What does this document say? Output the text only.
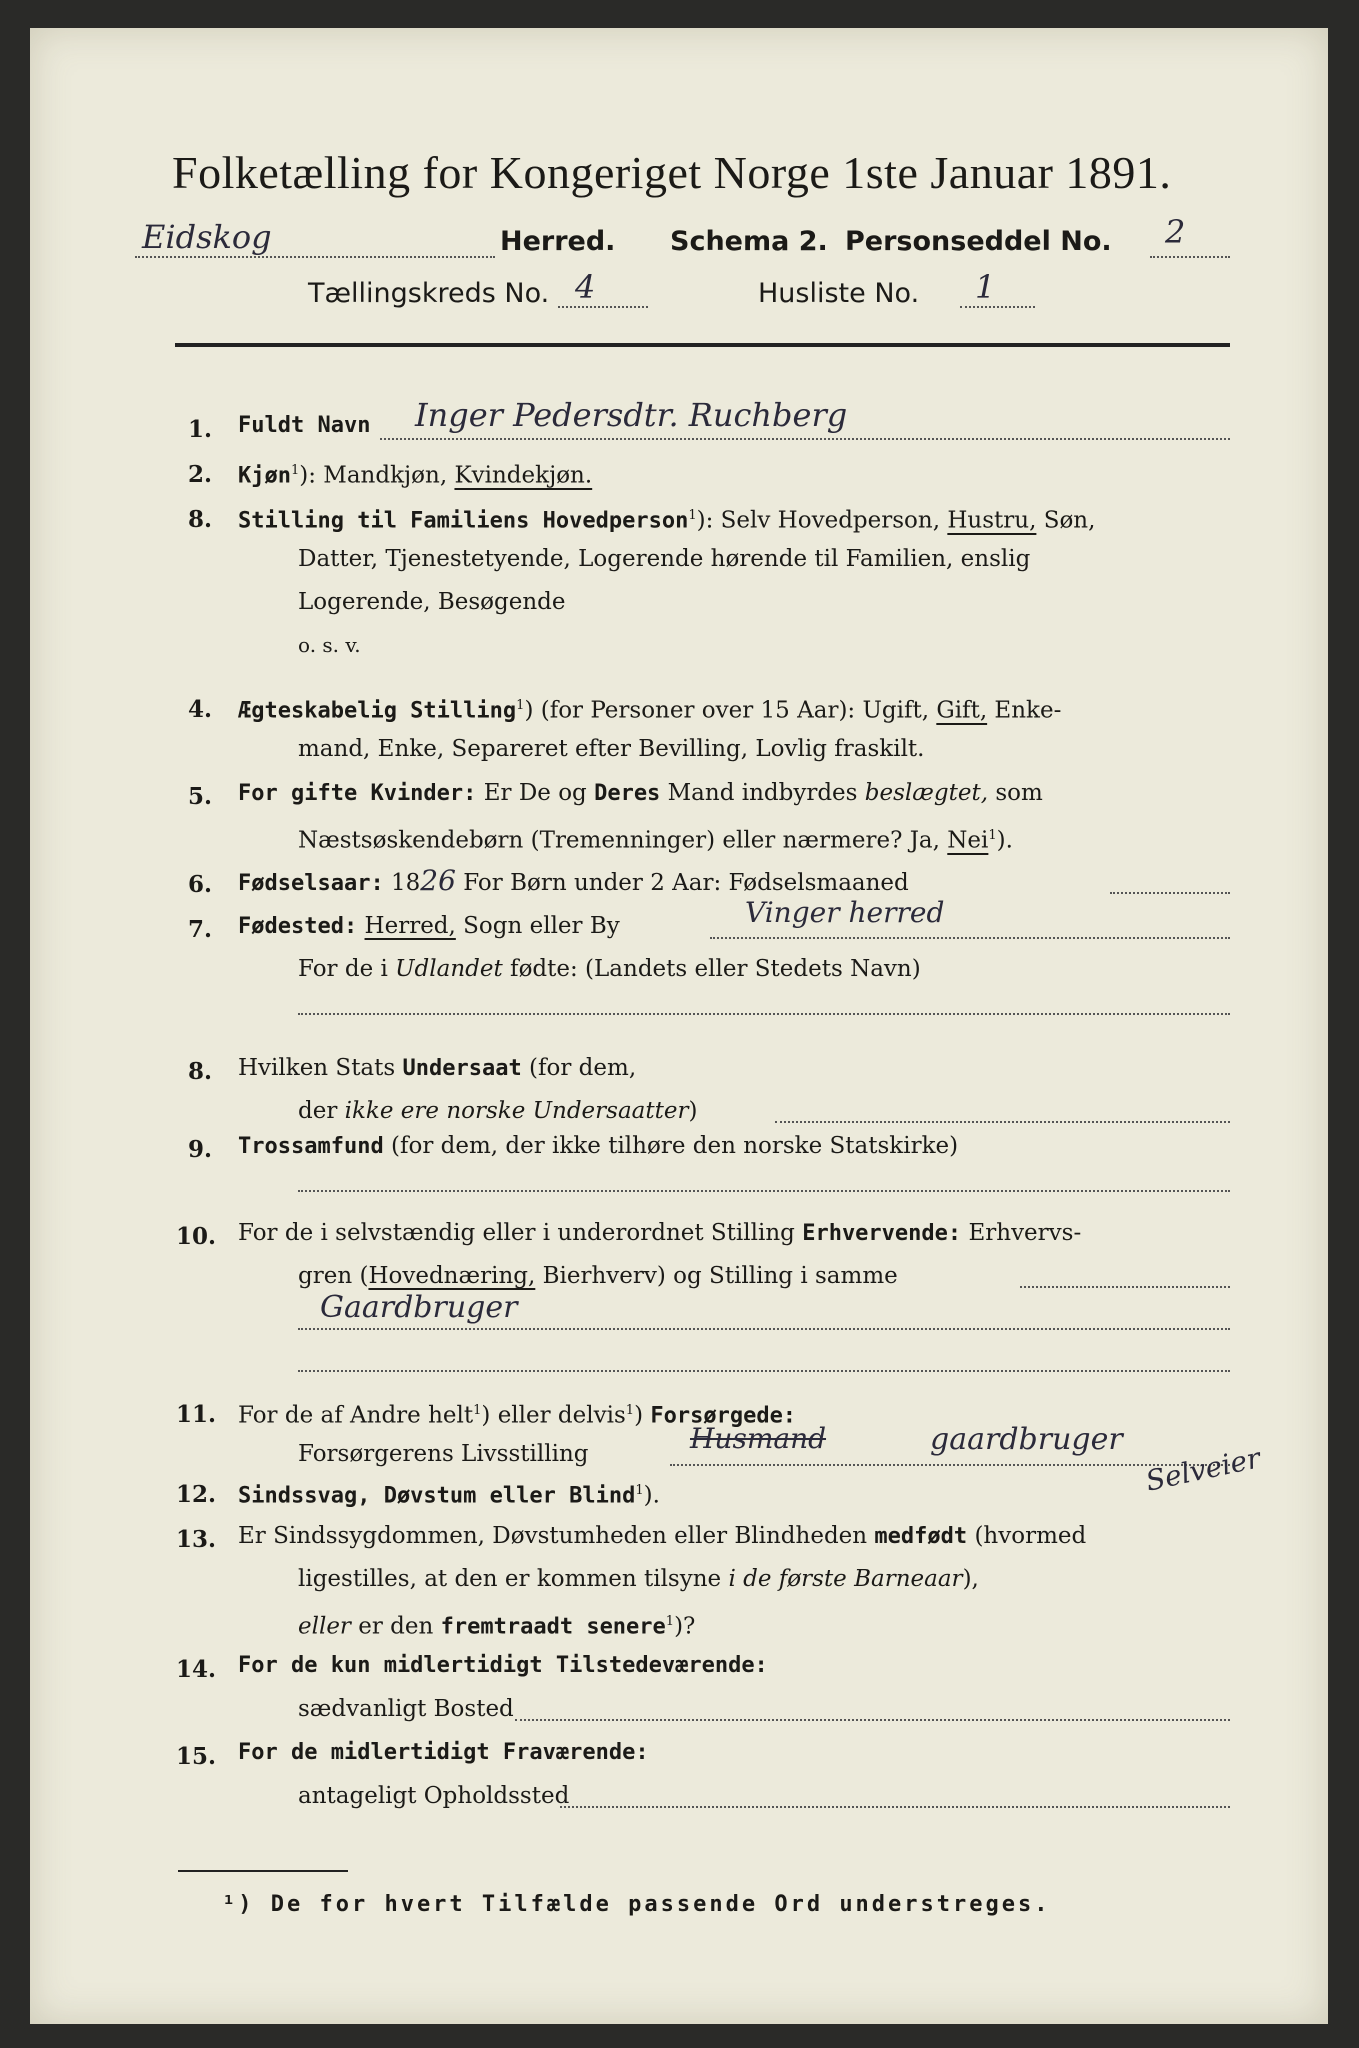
Folketælling for Kongeriget Norge 1ste Januar 1891.
Eidskog	Herred. Schema 2. Personseddel No. 2
Tællingskreds No. 4	Husliste No. 1
1. Fuldt Navn Inger Pedersdtr. Ruchberg
2. Kjøn$^1$): Mandkjøn, Kvindekjøn.
8. Stilling til Familiens Hovedperson$^1$): Selv Hovedperson, Hustru, Søn,
Datter, Tjenestetyende, Logerende hørende til Familien, enslig
Logerende, Besøgende
o. s. v.
4. Ægteskabelig Stilling$^1$) (for Personer over 15 Aar): Ugift, Gift, Enke-
mand, Enke, Separeret efter Bevilling, Lovlig fraskilt.
5. For gifte Kvinder: Er De og Deres Mand indbyrdes beslægtet, som
Næstsøskendebørn (Tremenninger) eller nærmere? Ja, Nei$^1$).
6. Fødselsaar: 1826 For Børn under 2 Aar: Fødselsmaaned
7. Fødested: Herred, Sogn eller By	Vinger herred
For de i Udlandet fødte: (Landets eller Stedets Navn)
8. Hvilken Stats Undersaat (for dem,
der ikke ere norske Undersaatter)
9. Trossamfund (for dem, der ikke tilhøre den norske Statskirke)
10. For de i selvstændig eller i underordnet Stilling Erhvervende: Erhvervs-
gren (Hovednæring, Bierhverv) og Stilling i samme
Gaardbruger
11. For de af Andre helt$^1$) eller delvis$^1$) Forsørgede:
Forsørgerens Livsstilling	Husmand	gaardbruger
12. Sindssvag, Døvstum eller Blind$^1$).	Selveier
13. Er Sindssygdommen, Døvstumheden eller Blindheden medfødt (hvormed
ligestilles, at den er kommen tilsyne i de første Barneaar),
eller er den fremtraadt senere$^1$)?
14. For de kun midlertidigt Tilstedeværende:
sædvanligt Bosted
15. For de midlertidigt Fraværende:
antageligt Opholdssted
¹) De for hvert Tilfælde passende Ord understreges.
